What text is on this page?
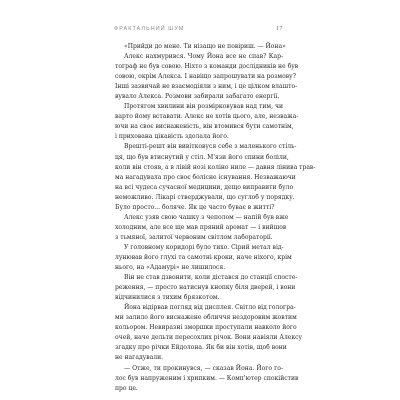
ФРАКТАЛЬНИЙ ШУМ	17
«Прийди до мене. Ти нізащо не повіриш. — Йона»
Алекс нахмурився. Чому Йона все не спав? Кар-
тограф не був совою. Ніхто з команди дослідників не був
совою, окрім Алекса. І навіщо запрошувати на розмову?
Інші зазвичай не взаємодіяли з ним, і це цілком влашто-
вувало Алекса. Розмови забирали забагато енергії.
Протягом хвилини він розмірковував над тим, чи
варто йому вставати. Алекс не хотів цього, але, незважа-
ючи на своє виснаженість, він втомився бути самотнім,
і прихована цікавість здолала його.
Врешті-решт він вивітковуся себе з маленького стіль-
ця, що був втиснутий у стіл. М'язи його спини боліли,
коли він стояв, а в лівій нозі коліно ниле — давня лінива трав-
ма нагадувала про своє болісне існування. Незважаючи
на всі чудеса сучасної медицини, дещо виправити було
неможливо. Лікарі стверджували, що суглоб у порядку.
Було просто... боляче. Як це часто буває в житті?
Алекс узяв свою чашку з чеполом — напій був вже
холодним, але все ще мав пряний аромат — і вийшов
з тьмяної, залитої червоним світлом лабораторії.
У головному коридорі було тихо. Сірий метал від-
лунював його глухі та самотні кроки, наче ніхого, крім
нього, на «Адамурі» не лишилося.
Він не став дзвонити, коли дістався до станції спосте-
реження, — просто натиснув кнопку біля дверей, і вони
відчинилися з тихим брязкотом.
Йона відірвав погляд від дисплея. Світло від гологра-
ми залило його виснажене обличчя нездоровим жовтим
кольором. Невиразні зморшки проступали навколо його
очей, наче дельти пересохлих річок. Вони навіяли Алексу
згадку про річки Ейдолона. Як би він хотів, щоб вони
не нагадували.
— Отже, ти прокинувся, — сказав Йона. Його го-
лос був напруженим і хрипким. — Комп'ютер спокійстив
про це.
